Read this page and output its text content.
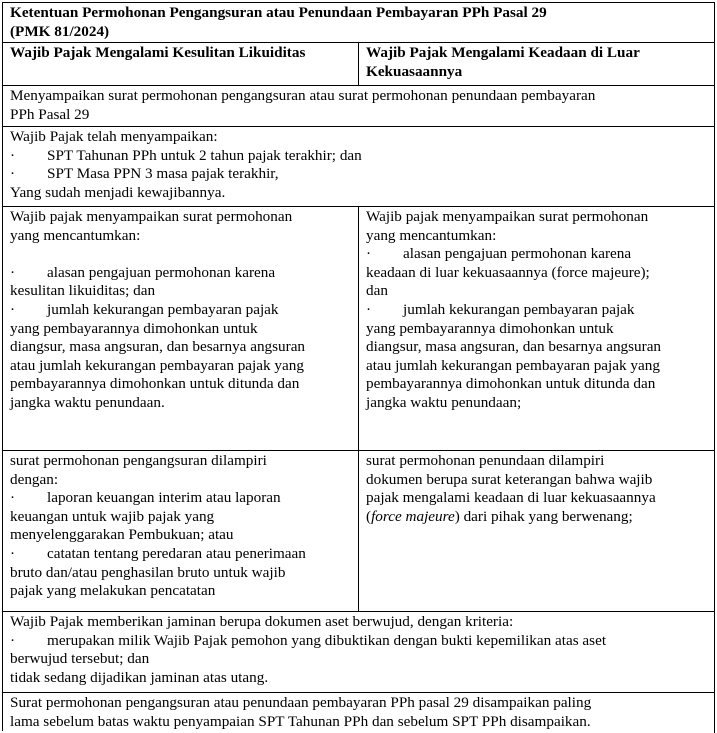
Ketentuan Permohonan Pengangsuran atau Penundaan Pembayaran PPh Pasal 29
(PMK 81/2024)
Wajib Pajak Mengalami Kesulitan Likuiditas	Wajib Pajak Mengalami Keadaan di Luar
Kekuasaannya
Menyampaikan surat permohonan pengangsuran atau surat permohonan penundaan pembayaran
PPh Pasal 29
Wajib Pajak telah menyampaikan:
· SPT Tahunan PPh untuk 2 tahun pajak terakhir; dan
· SPT Masa PPN 3 masa pajak terakhir,
Yang sudah menjadi kewajibannya.
Wajib pajak menyampaikan surat permohonan
yang mencantumkan:
· alasan pengajuan permohonan karena
kesulitan likuiditas; dan
· jumlah kekurangan pembayaran pajak
yang pembayarannya dimohonkan untuk
diangsur, masa angsuran, dan besarnya angsuran
atau jumlah kekurangan pembayaran pajak yang
pembayarannya dimohonkan untuk ditunda dan
jangka waktu penundaan.
Wajib pajak menyampaikan surat permohonan
yang mencantumkan:
· alasan pengajuan permohonan karena
keadaan di luar kekuasaannya (force majeure);
dan
· jumlah kekurangan pembayaran pajak
yang pembayarannya dimohonkan untuk
diangsur, masa angsuran, dan besarnya angsuran
atau jumlah kekurangan pembayaran pajak yang
pembayarannya dimohonkan untuk ditunda dan
jangka waktu penundaan;
surat permohonan pengangsuran dilampiri
dengan:
· laporan keuangan interim atau laporan
keuangan untuk wajib pajak yang
menyelenggarakan Pembukuan; atau
· catatan tentang peredaran atau penerimaan
bruto dan/atau penghasilan bruto untuk wajib
pajak yang melakukan pencatatan
surat permohonan penundaan dilampiri
dokumen berupa surat keterangan bahwa wajib
pajak mengalami keadaan di luar kekuasaannya
(force majeure) dari pihak yang berwenang;
Wajib Pajak memberikan jaminan berupa dokumen aset berwujud, dengan kriteria:
· merupakan milik Wajib Pajak pemohon yang dibuktikan dengan bukti kepemilikan atas aset
berwujud tersebut; dan
tidak sedang dijadikan jaminan atas utang.
Surat permohonan pengangsuran atau penundaan pembayaran PPh pasal 29 disampaikan paling
lama sebelum batas waktu penyampaian SPT Tahunan PPh dan sebelum SPT PPh disampaikan.
